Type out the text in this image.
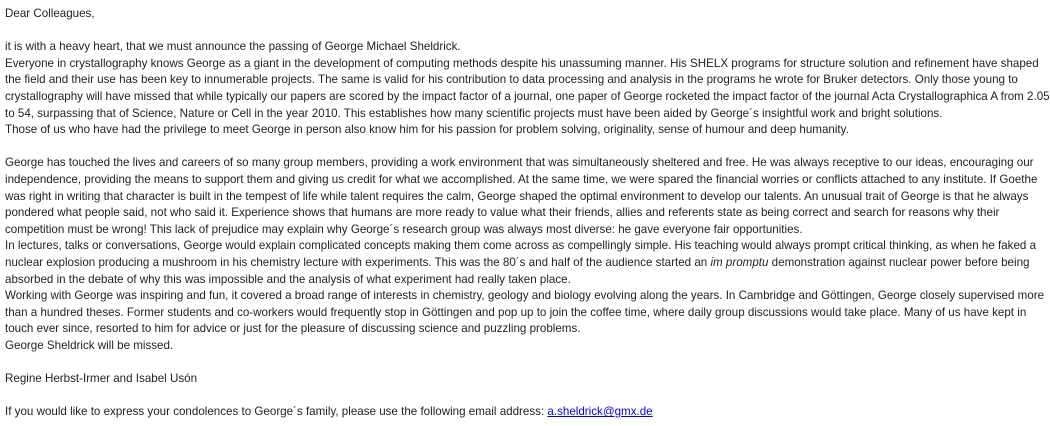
Dear Colleagues,

it is with a heavy heart, that we must announce the passing of George Michael Sheldrick.

Everyone in crystallography knows George as a giant in the development of computing methods despite his unassuming manner. His SHELX programs for structure solution and refinement have shaped

the field and their use has been key to innumerable projects. The same is valid for his contribution to data processing and analysis in the programs he wrote for Bruker detectors. Only those young to

crystallography will have missed that while typically our papers are scored by the impact factor of a journal, one paper of George rocketed the impact factor of the journal Acta Crystallographica A from 2.05

to 54, surpassing that of Science, Nature or Cell in the year 2010. This establishes how many scientific projects must have been aided by George´s insightful work and bright solutions.

Those of us who have had the privilege to meet George in person also know him for his passion for problem solving, originality, sense of humour and deep humanity.

George has touched the lives and careers of so many group members, providing a work environment that was simultaneously sheltered and free. He was always receptive to our ideas, encouraging our

independence, providing the means to support them and giving us credit for what we accomplished. At the same time, we were spared the financial worries or conflicts attached to any institute. If Goethe

was right in writing that character is built in the tempest of life while talent requires the calm, George shaped the optimal environment to develop our talents. An unusual trait of George is that he always

pondered what people said, not who said it. Experience shows that humans are more ready to value what their friends, allies and referents state as being correct and search for reasons why their

competition must be wrong! This lack of prejudice may explain why George´s research group was always most diverse: he gave everyone fair opportunities.

In lectures, talks or conversations, George would explain complicated concepts making them come across as compellingly simple. His teaching would always prompt critical thinking, as when he faked a

nuclear explosion producing a mushroom in his chemistry lecture with experiments. This was the 80´s and half of the audience started an im promptu demonstration against nuclear power before being

absorbed in the debate of why this was impossible and the analysis of what experiment had really taken place.

Working with George was inspiring and fun, it covered a broad range of interests in chemistry, geology and biology evolving along the years. In Cambridge and Göttingen, George closely supervised more

than a hundred theses. Former students and co-workers would frequently stop in Göttingen and pop up to join the coffee time, where daily group discussions would take place. Many of us have kept in

touch ever since, resorted to him for advice or just for the pleasure of discussing science and puzzling problems.

George Sheldrick will be missed.

Regine Herbst-Irmer and Isabel Usón

If you would like to express your condolences to George´s family, please use the following email address: a.sheldrick@gmx.de
